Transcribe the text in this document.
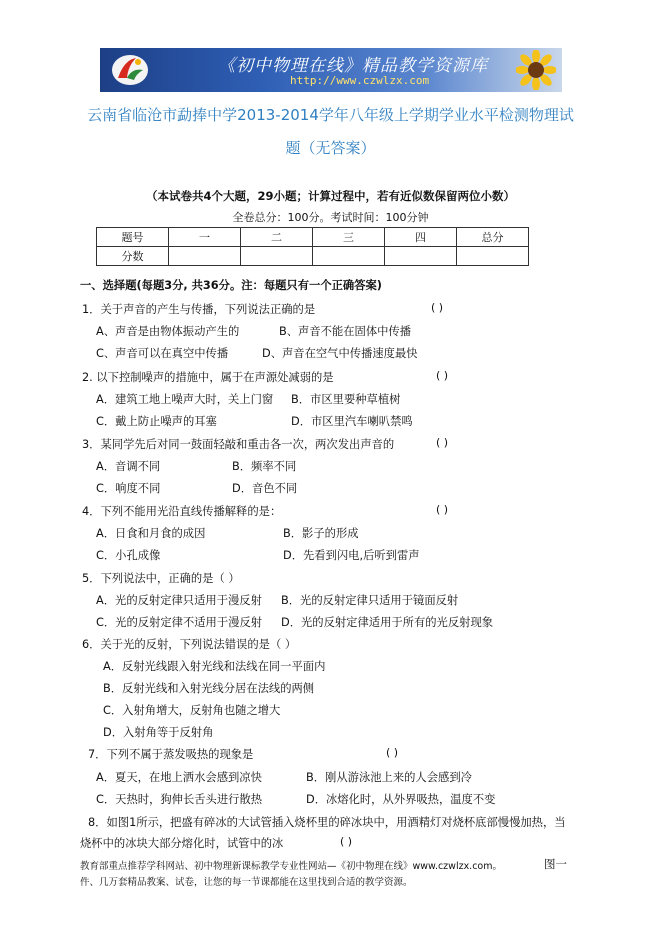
《初中物理在线》精品教学资源库
http://www.czwlzx.com
云南省临沧市勐捧中学2013-2014学年八年级上学期学业水平检测物理试
题（无答案）
（本试卷共4个大题，29小题；计算过程中，若有近似数保留两位小数）
全卷总分：100分。考试时间：100分钟
题号	一	二	三	四	总分
分数					
一、选择题(每题3分, 共36分。注：每题只有一个正确答案)
1．关于声音的产生与传播，下列说法正确的是	( )
A、声音是由物体振动产生的	B、声音不能在固体中传播
C、声音可以在真空中传播	D、声音在空气中传播速度最快
2. 以下控制噪声的措施中，属于在声源处减弱的是	( )
A．建筑工地上噪声大时，关上门窗 B．市区里要种草植树
C．戴上防止噪声的耳塞	D．市区里汽车喇叭禁鸣
3．某同学先后对同一鼓面轻敲和重击各一次，两次发出声音的	( )
A．音调不同	B．频率不同
C．响度不同	D．音色不同
4．下列不能用光沿直线传播解释的是：	( )
A．日食和月食的成因	B．影子的形成
C．小孔成像	D．先看到闪电,后听到雷声
5．下列说法中，正确的是（ ）
A．光的反射定律只适用于漫反射 B．光的反射定律只适用于镜面反射
C．光的反射定律不适用于漫反射 D．光的反射定律适用于所有的光反射现象
6．关于光的反射，下列说法错误的是（ ）
A．反射光线跟入射光线和法线在同一平面内
B．反射光线和入射光线分居在法线的两侧
C．入射角增大，反射角也随之增大
D．入射角等于反射角
7．下列不属于蒸发吸热的现象是	( )
A．夏天，在地上洒水会感到凉快	B．刚从游泳池上来的人会感到冷
C．天热时，狗伸长舌头进行散热	D．冰熔化时，从外界吸热，温度不变
8．如图1所示，把盛有碎冰的大试管插入烧杯里的碎冰块中，用酒精灯对烧杯底部慢慢加热，当
烧杯中的冰块大部分熔化时，试管中的冰	( )
教育部重点推荐学科网站、初中物理新课标教学专业性网站—《初中物理在线》www.czwlzx.com。
件、几万套精品教案、试卷，让您的每一节课都能在这里找到合适的教学资源。
图一
